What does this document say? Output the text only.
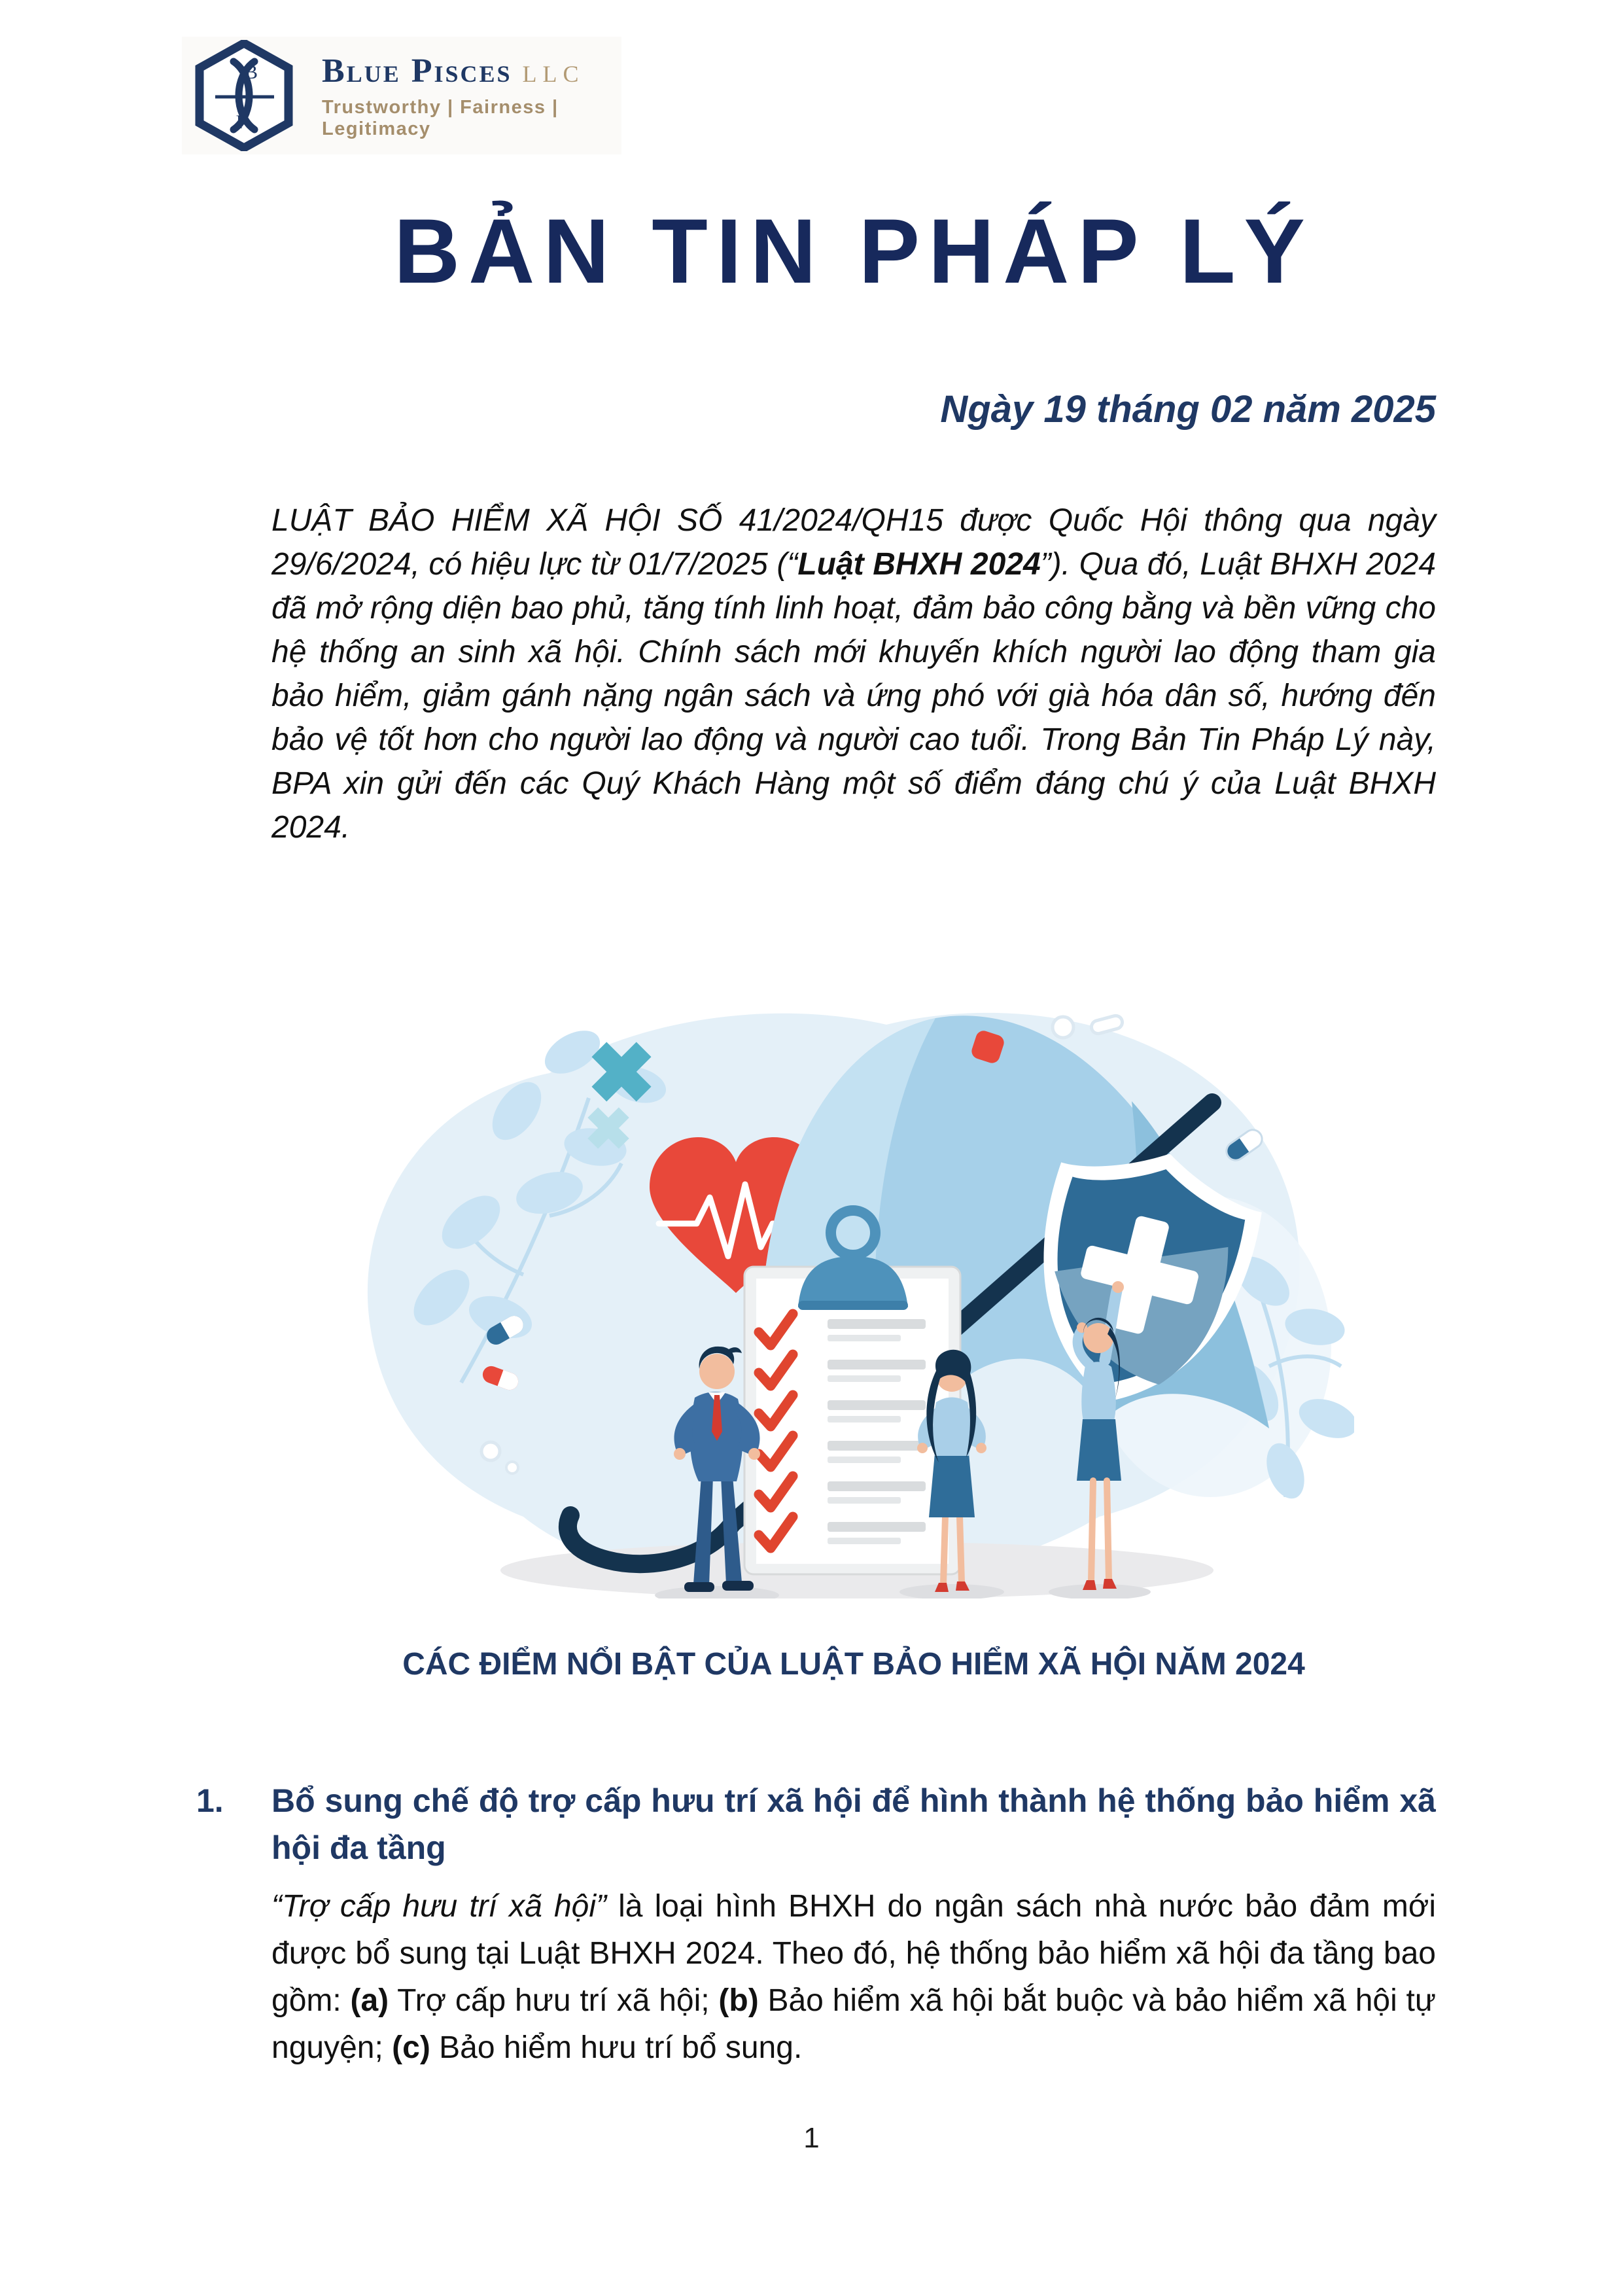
B
P
Blue Pisces LLC
Trustworthy | Fairness | Legitimacy
BẢN TIN PHÁP LÝ
Ngày 19 tháng 02 năm 2025

LUẬT BẢO HIỂM XÃ HỘI SỐ 41/2024/QH15 được Quốc Hội thông qua ngày 29/6/2024, có hiệu lực từ 01/7/2025 (“Luật BHXH 2024”). Qua đó, Luật BHXH 2024 đã mở rộng diện bao phủ, tăng tính linh hoạt, đảm bảo công bằng và bền vững cho hệ thống an sinh xã hội. Chính sách mới khuyến khích người lao động tham gia bảo hiểm, giảm gánh nặng ngân sách và ứng phó với già hóa dân số, hướng đến bảo vệ tốt hơn cho người lao động và người cao tuổi. Trong Bản Tin Pháp Lý này, BPA xin gửi đến các Quý Khách Hàng một số điểm đáng chú ý của Luật BHXH 2024.

CÁC ĐIỂM NỔI BẬT CỦA LUẬT BẢO HIỂM XÃ HỘI NĂM 2024
1.	Bổ sung chế độ trợ cấp hưu trí xã hội để hình thành hệ thống bảo hiểm xã hội đa tầng

“Trợ cấp hưu trí xã hội” là loại hình BHXH do ngân sách nhà nước bảo đảm mới được bổ sung tại Luật BHXH 2024. Theo đó, hệ thống bảo hiểm xã hội đa tầng bao gồm: (a) Trợ cấp hưu trí xã hội; (b) Bảo hiểm xã hội bắt buộc và bảo hiểm xã hội tự nguyện; (c) Bảo hiểm hưu trí bổ sung.

1
